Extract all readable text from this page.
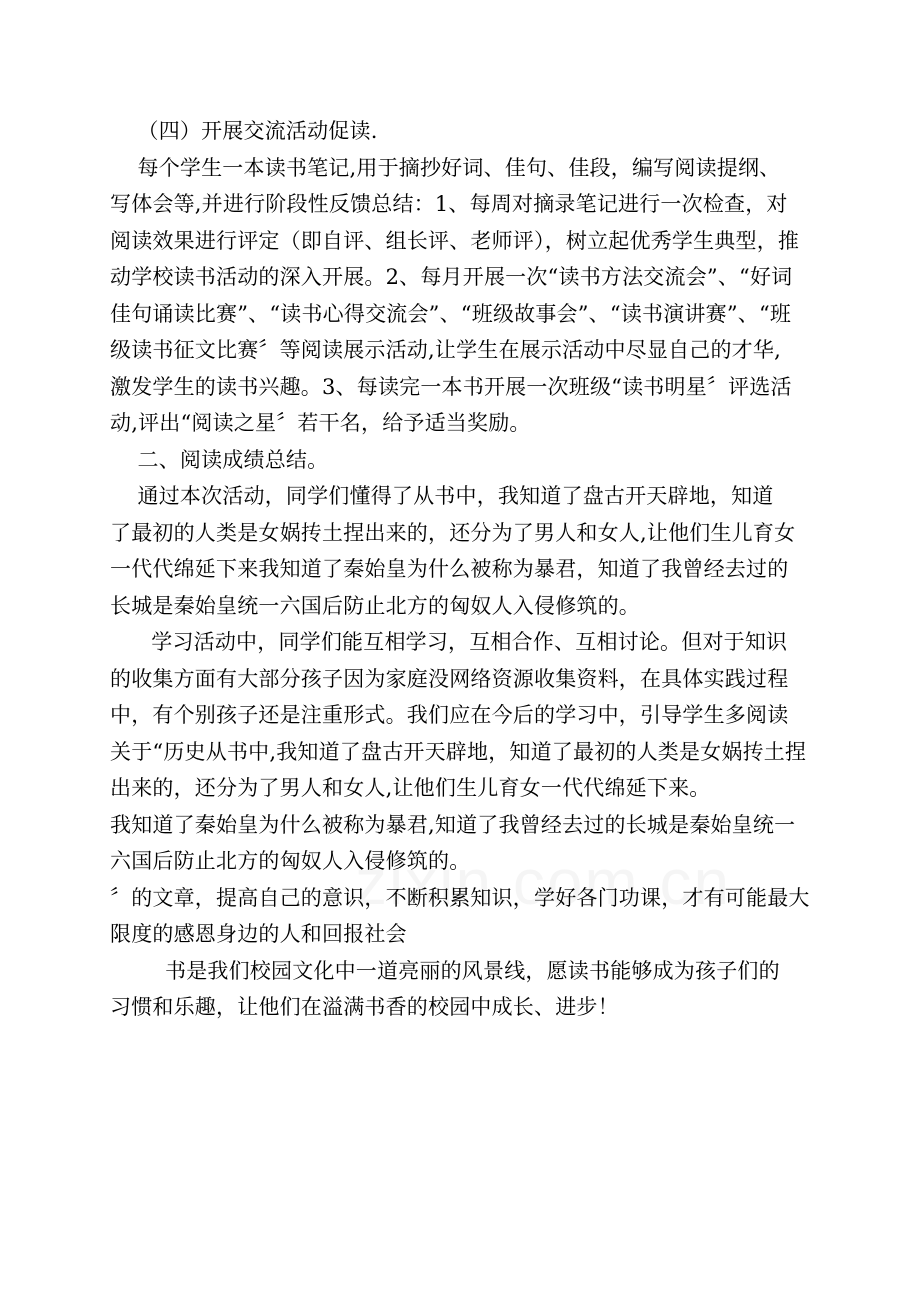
（四）开展交流活动促读.

每个学生一本读书笔记,用于摘抄好词、佳句、佳段，编写阅读提纲、

写体会等,并进行阶段性反馈总结：1、每周对摘录笔记进行一次检查，对

阅读效果进行评定（即自评、组长评、老师评），树立起优秀学生典型，推

动学校读书活动的深入开展。2、每月开展一次“读书方法交流会”、“好词

佳句诵读比赛”、“读书心得交流会”、“班级故事会”、“读书演讲赛”、“班

级读书征文比赛〞等阅读展示活动,让学生在展示活动中尽显自己的才华,

激发学生的读书兴趣。3、每读完一本书开展一次班级“读书明星〞评选活

动,评出“阅读之星〞若干名，给予适当奖励。

二、阅读成绩总结。

通过本次活动，同学们懂得了从书中，我知道了盘古开天辟地，知道

了最初的人类是女娲抟土捏出来的，还分为了男人和女人,让他们生儿育女

一代代绵延下来我知道了秦始皇为什么被称为暴君，知道了我曾经去过的

长城是秦始皇统一六国后防止北方的匈奴人入侵修筑的。

学习活动中，同学们能互相学习，互相合作、互相讨论。但对于知识

的收集方面有大部分孩子因为家庭没网络资源收集资料，在具体实践过程

中，有个别孩子还是注重形式。我们应在今后的学习中，引导学生多阅读

关于“历史从书中,我知道了盘古开天辟地，知道了最初的人类是女娲抟土捏

出来的，还分为了男人和女人,让他们生儿育女一代代绵延下来。

我知道了秦始皇为什么被称为暴君,知道了我曾经去过的长城是秦始皇统一

六国后防止北方的匈奴人入侵修筑的。

〞的文章，提高自己的意识，不断积累知识，学好各门功课，才有可能最大

限度的感恩身边的人和回报社会

书是我们校园文化中一道亮丽的风景线，愿读书能够成为孩子们的

习惯和乐趣，让他们在溢满书香的校园中成长、进步！
